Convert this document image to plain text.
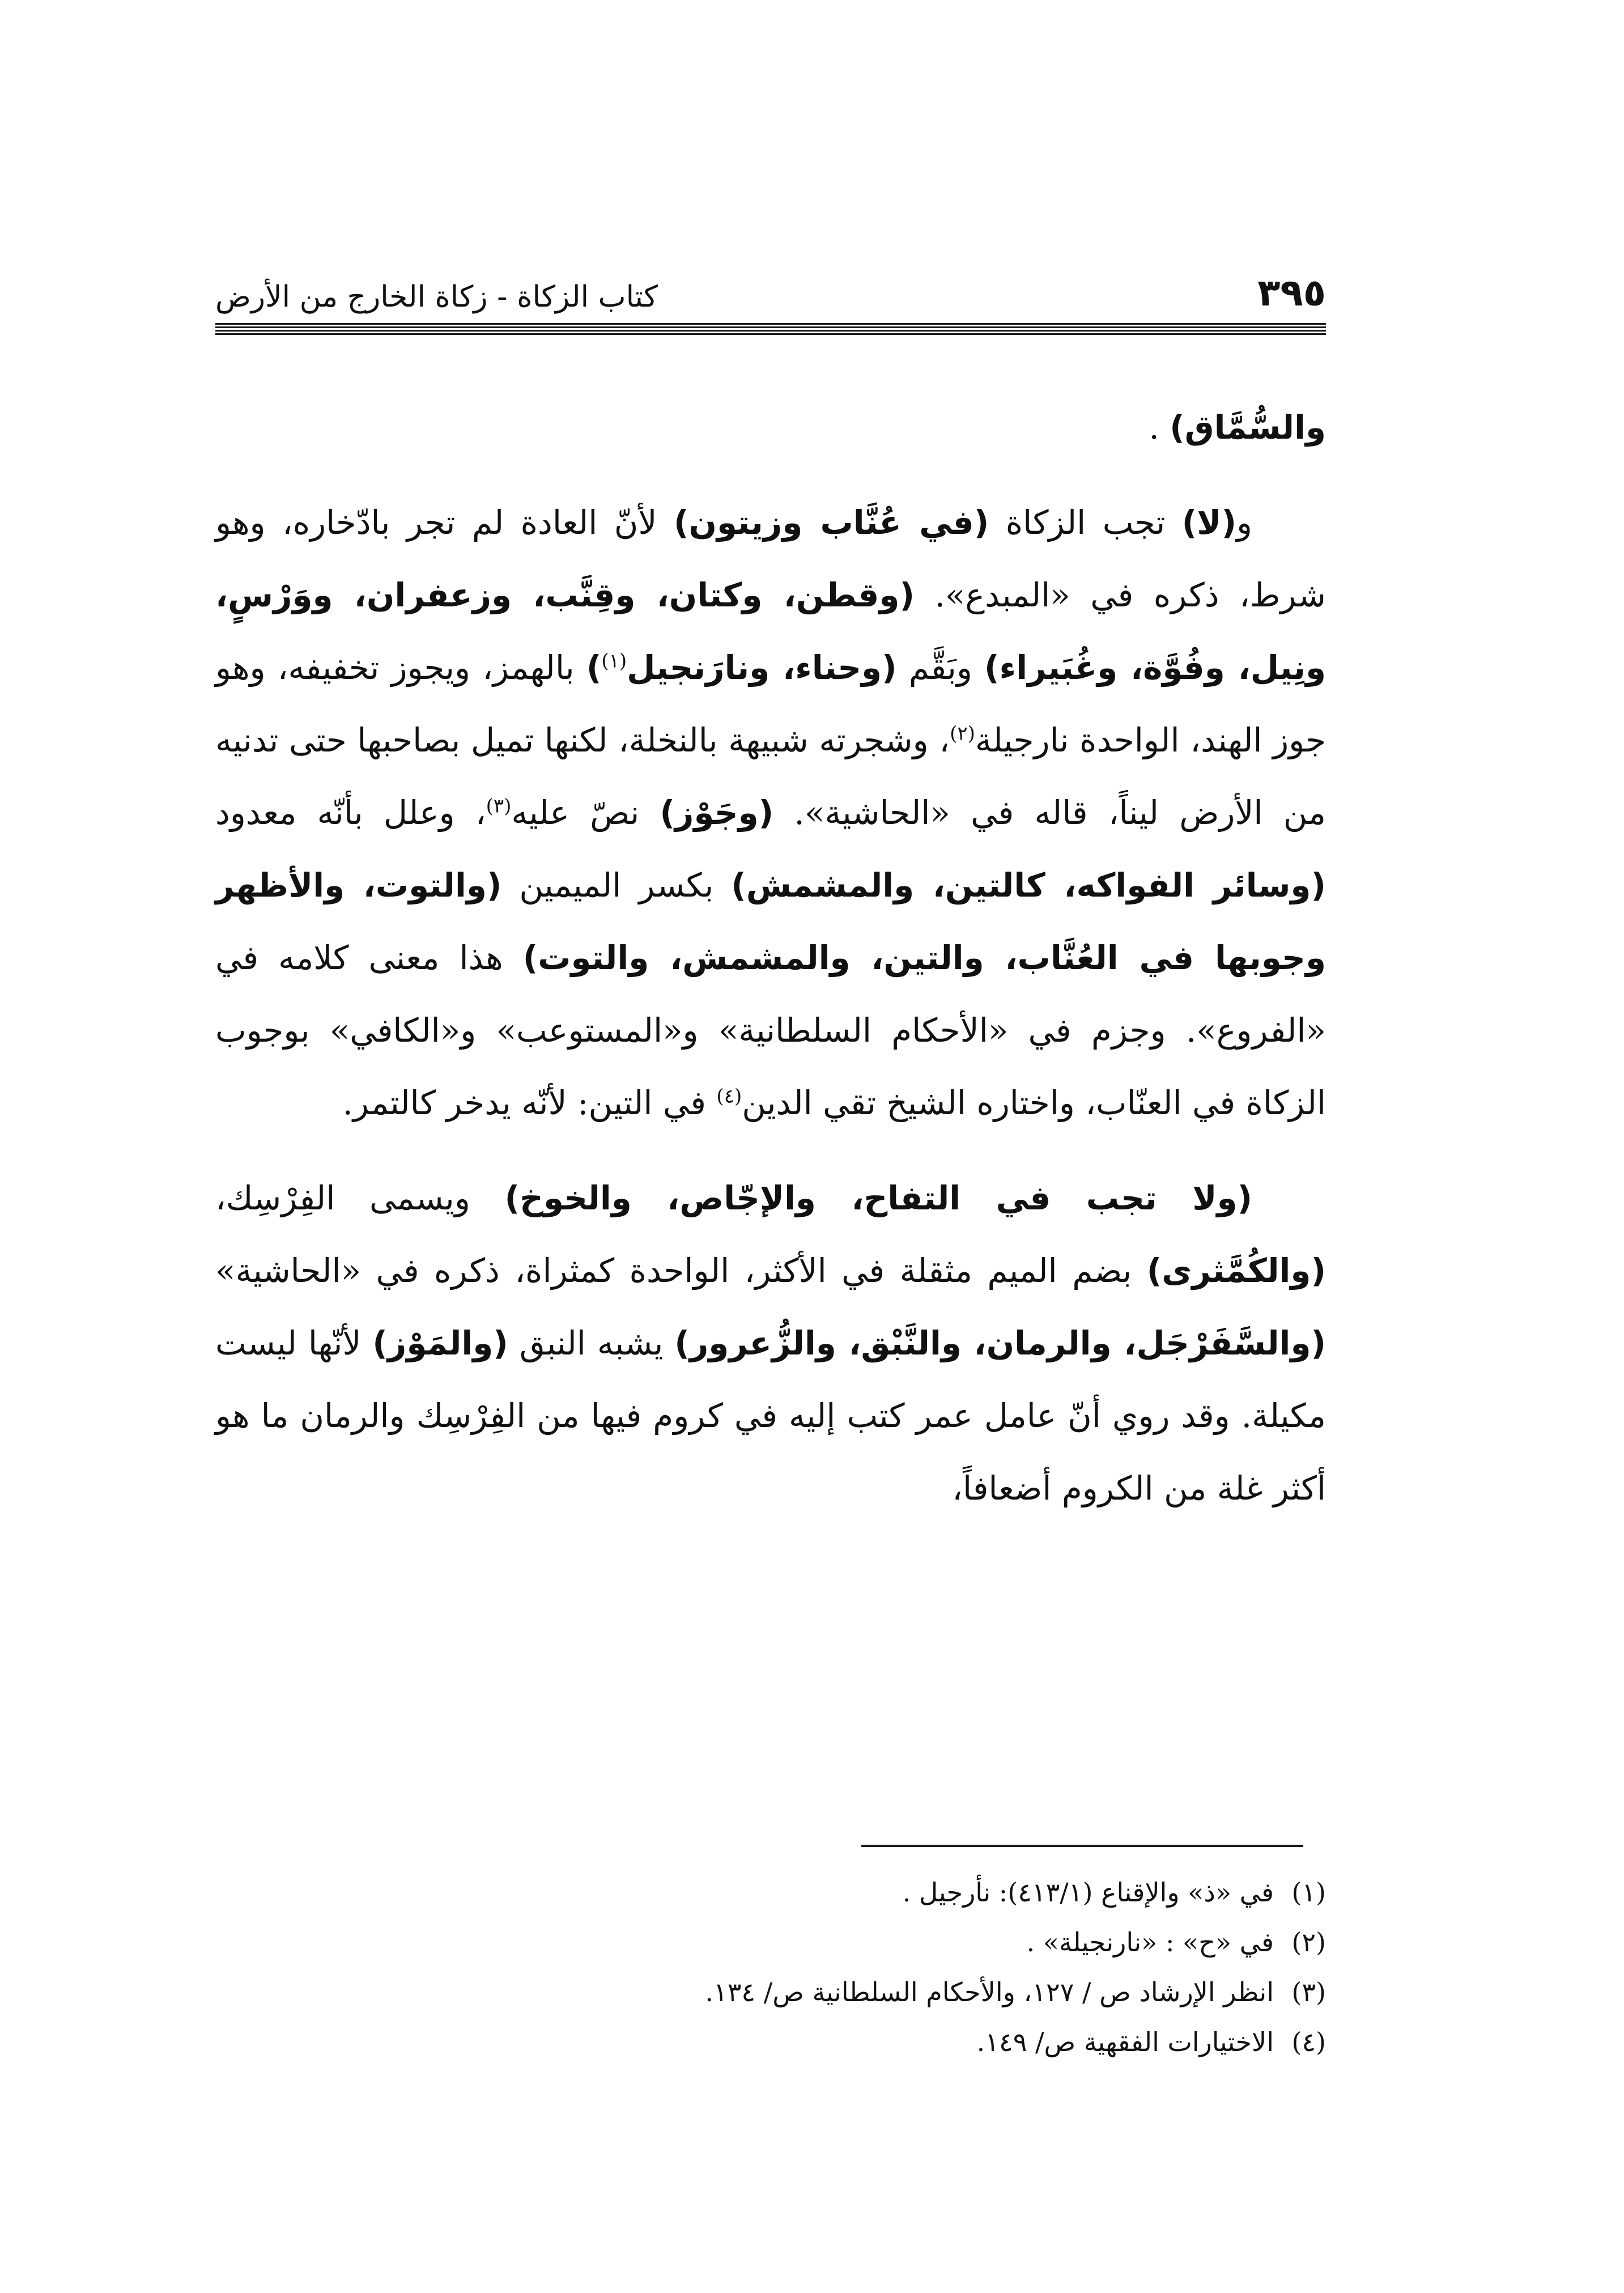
٣٩٥
كتاب الزكاة - زكاة الخارج من الأرض

والسُّمَّاق) .

و(لا) تجب الزكاة (في عُنَّاب وزيتون) لأنّ العادة لم تجر بادّخاره، وهو شرط، ذكره في «المبدع». (وقطن، وكتان، وقِنَّب، وزعفران، ووَرْسٍ، ونِيل، وفُوَّة، وغُبَيراء) وبَقَّم (وحناء، ونارَنجيل$^{(١)}$) بالهمز، ويجوز تخفيفه، وهو جوز الهند، الواحدة نارجيلة$^{(٢)}$، وشجرته شبيهة بالنخلة، لكنها تميل بصاحبها حتى تدنيه من الأرض ليناً، قاله في «الحاشية». (وجَوْز) نصّ عليه$^{(٣)}$، وعلل بأنّه معدود (وسائر الفواكه، كالتين، والمشمش) بكسر الميمين (والتوت، والأظهر وجوبها في العُنَّاب، والتين، والمشمش، والتوت) هذا معنى كلامه في «الفروع». وجزم في «الأحكام السلطانية» و«المستوعب» و«الكافي» بوجوب الزكاة في العنّاب، واختاره الشيخ تقي الدين$^{(٤)}$ في التين: لأنّه يدخر كالتمر.

(ولا تجب في التفاح، والإجّاص، والخوخ) ويسمى الفِرْسِك، (والكُمَّثرى) بضم الميم مثقلة في الأكثر، الواحدة كمثراة، ذكره في «الحاشية» (والسَّفَرْجَل، والرمان، والنَّبْق، والزُّعرور) يشبه النبق (والمَوْز) لأنّها ليست مكيلة. وقد روي أنّ عامل عمر كتب إليه في كروم فيها من الفِرْسِك والرمان ما هو أكثر غلة من الكروم أضعافاً،

(١)
في «ذ» والإقناع (٤١٣/١): نأرجيل .
(٢)
في «ح» : «نارنجيلة» .
(٣)
انظر الإرشاد ص / ١٢٧، والأحكام السلطانية ص/ ١٣٤.
(٤)
الاختيارات الفقهية ص/ ١٤٩.
